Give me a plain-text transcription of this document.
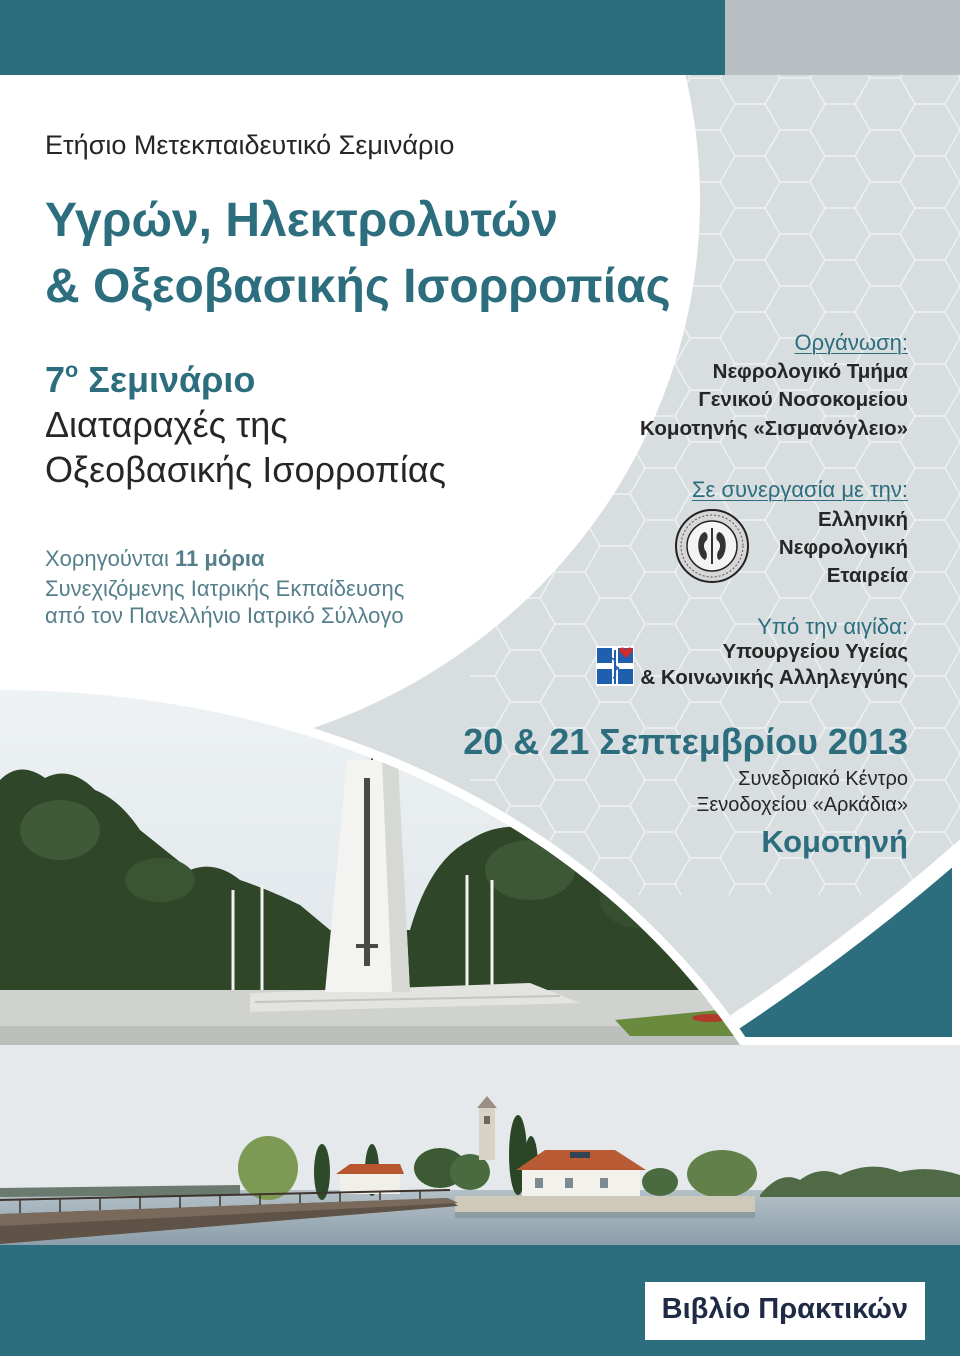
Ετήσιο Μετεκπαιδευτικό Σεμινάριο
Υγρών, Ηλεκτρολυτών
& Οξεοβασικής Ισορροπίας
$7^o$ Σεμινάριο
Διαταραχές της
Οξεοβασικής Ισορροπίας
Χορηγούνται 11 μόρια
Συνεχιζόμενης Ιατρικής Εκπαίδευσης
από τον Πανελλήνιο Ιατρικό Σύλλογο
Οργάνωση:
Νεφρολογικό Τμήμα
Γενικού Νοσοκομείου
Κομοτηνής «Σισμανόγλειο»
Σε συνεργασία με την:
Ελληνική
Νεφρολογική
Εταιρεία
Υπό την αιγίδα:
Υπουργείου Υγείας
& Κοινωνικής Αλληλεγγύης
20 & 21 Σεπτεμβρίου 2013
Συνεδριακό Κέντρο
Ξενοδοχείου «Αρκάδια»
Κομοτηνή
Βιβλίο Πρακτικών
